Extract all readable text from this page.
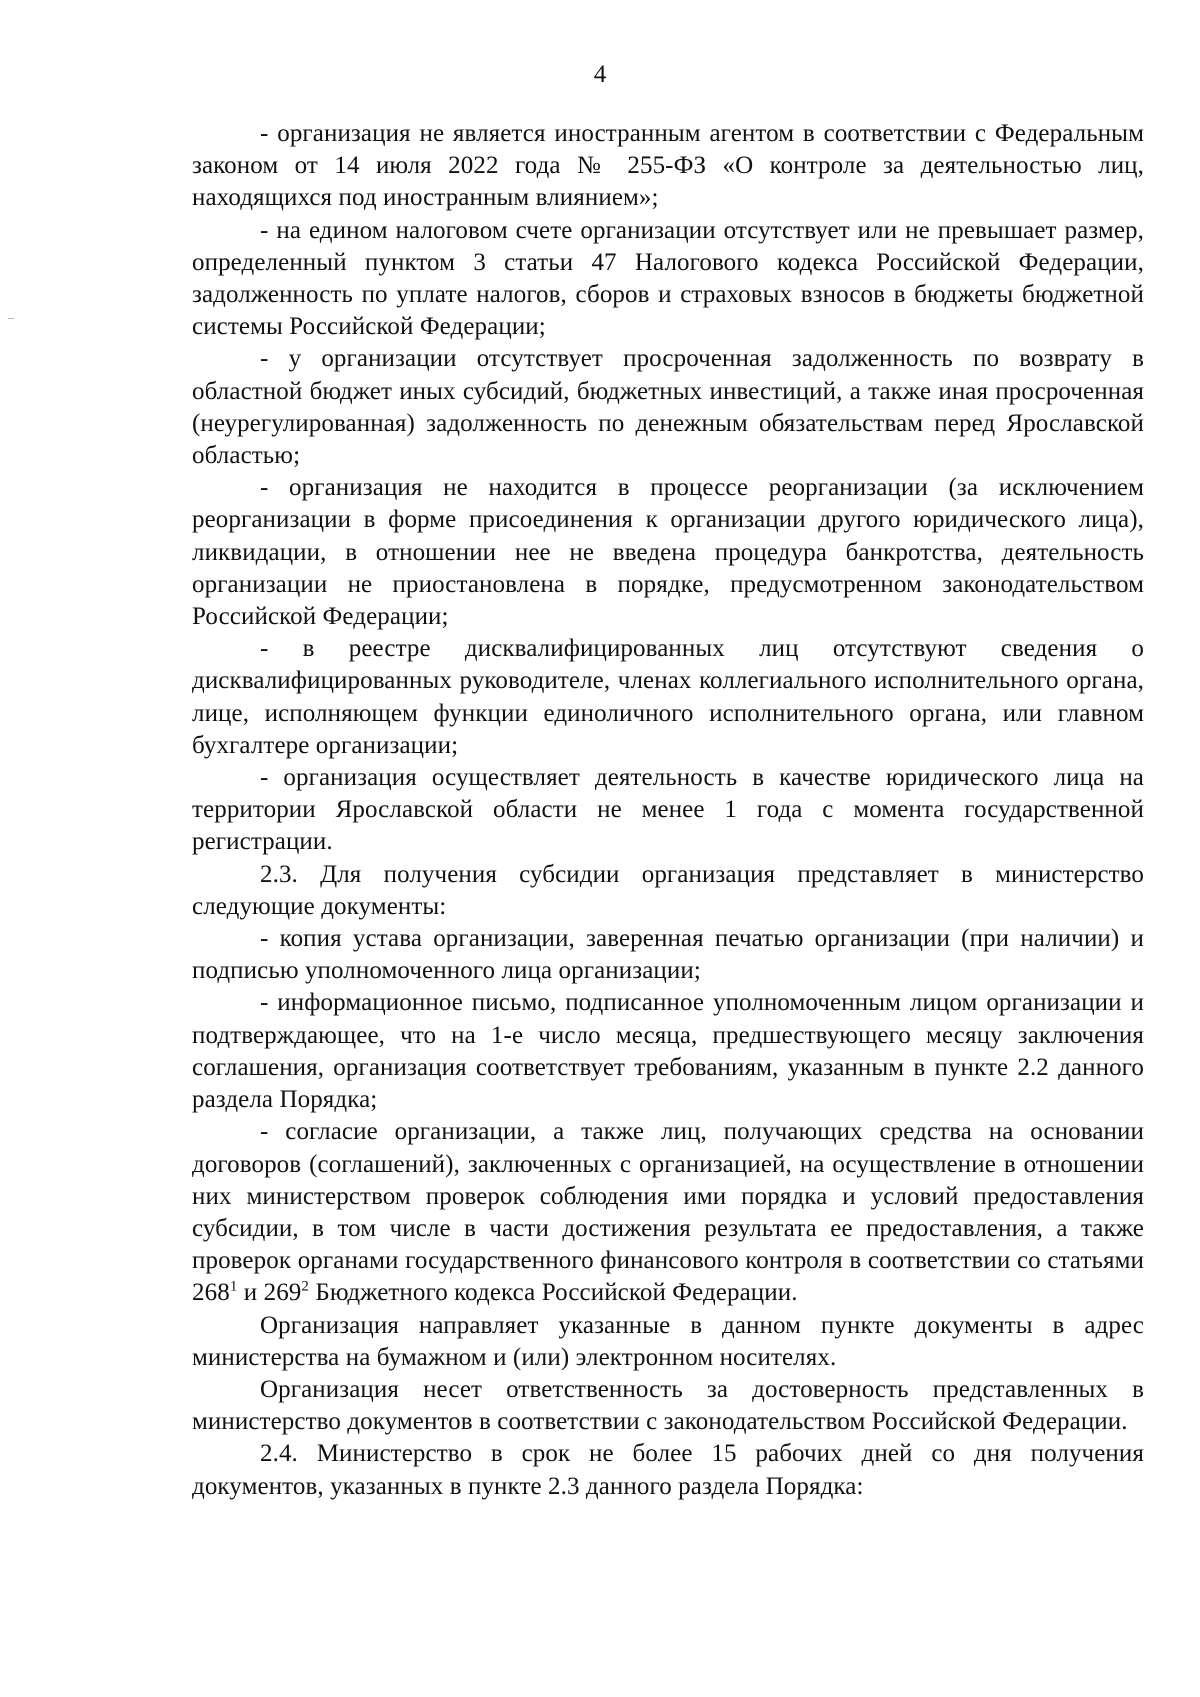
4

- организация не является иностранным агентом в соответствии с Федеральным законом от 14 июля 2022 года № 255-ФЗ «О контроле за деятельностью лиц, находящихся под иностранным влиянием»;

- на едином налоговом счете организации отсутствует или не превышает размер, определенный пунктом 3 статьи 47 Налогового кодекса Российской Федерации, задолженность по уплате налогов, сборов и страховых взносов в бюджеты бюджетной системы Российской Федерации;

- у организации отсутствует просроченная задолженность по возврату в областной бюджет иных субсидий, бюджетных инвестиций, а также иная просроченная (неурегулированная) задолженность по денежным обязательствам перед Ярославской областью;

- организация не находится в процессе реорганизации (за исключением реорганизации в форме присоединения к организации другого юридического лица), ликвидации, в отношении нее не введена процедура банкротства, деятельность организации не приостановлена в порядке, предусмотренном законодательством Российской Федерации;

- в реестре дисквалифицированных лиц отсутствуют сведения о дисквалифицированных руководителе, членах коллегиального исполнительного органа, лице, исполняющем функции единоличного исполнительного органа, или главном бухгалтере организации;

- организация осуществляет деятельность в качестве юридического лица на территории Ярославской области не менее 1 года с момента государственной регистрации.

2.3. Для получения субсидии организация представляет в министерство следующие документы:

- копия устава организации, заверенная печатью организации (при наличии) и подписью уполномоченного лица организации;

- информационное письмо, подписанное уполномоченным лицом организации и подтверждающее, что на 1-е число месяца, предшествующего месяцу заключения соглашения, организация соответствует требованиям, указанным в пункте 2.2 данного раздела Порядка;

- согласие организации, а также лиц, получающих средства на основании договоров (соглашений), заключенных с организацией, на осуществление в отношении них министерством проверок соблюдения ими порядка и условий предоставления субсидии, в том числе в части достижения результата ее предоставления, а также проверок органами государственного финансового контроля в соответствии со статьями $268^1$ и $269^2$ Бюджетного кодекса Российской Федерации.

Организация направляет указанные в данном пункте документы в адрес министерства на бумажном и (или) электронном носителях.

Организация несет ответственность за достоверность представленных в министерство документов в соответствии с законодательством Российской Федерации.

2.4. Министерство в срок не более 15 рабочих дней со дня получения документов, указанных в пункте 2.3 данного раздела Порядка:
